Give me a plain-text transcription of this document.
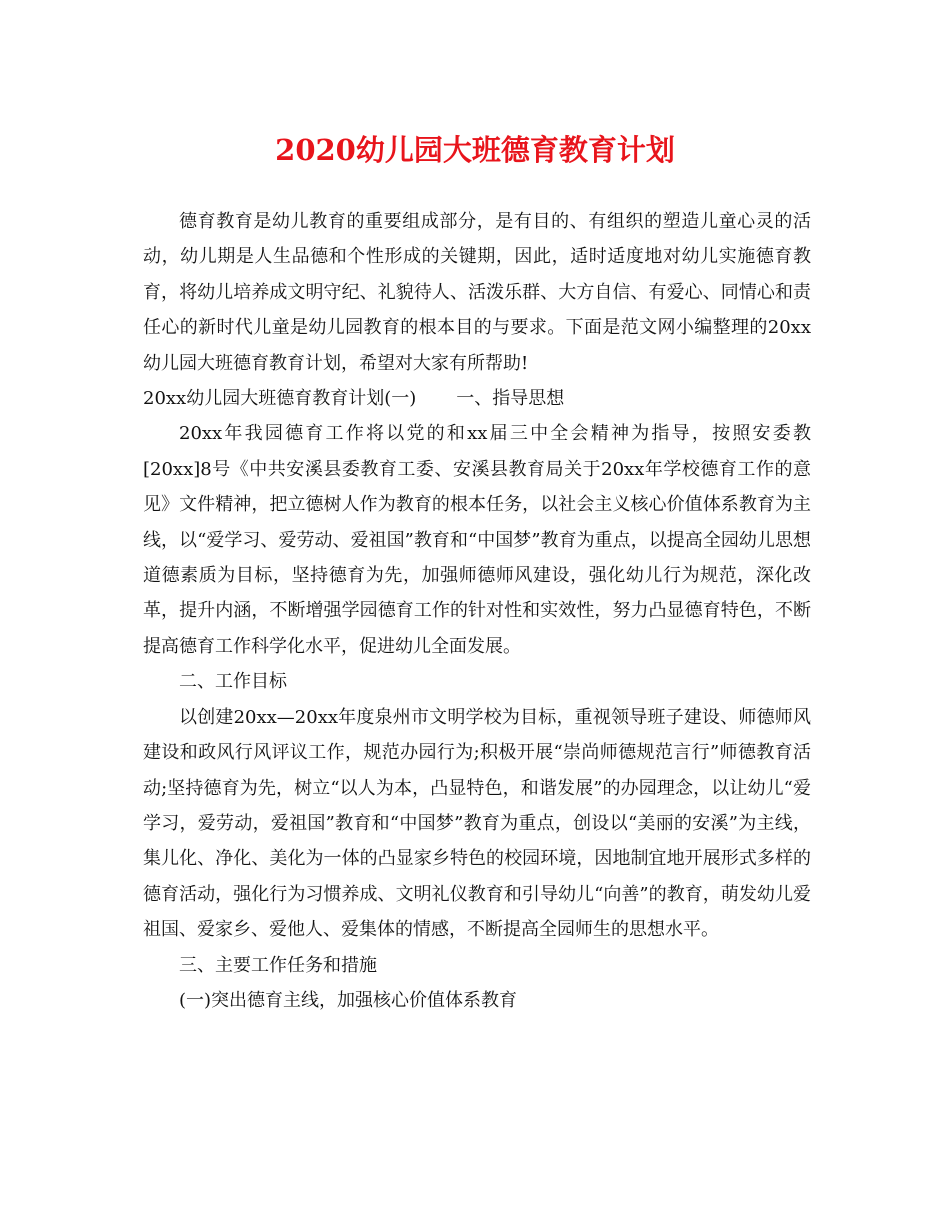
2020幼儿园大班德育教育计划

德育教育是幼儿教育的重要组成部分，是有目的、有组织的塑造儿童心灵的活动，幼儿期是人生品德和个性形成的关键期，因此，适时适度地对幼儿实施德育教育，将幼儿培养成文明守纪、礼貌待人、活泼乐群、大方自信、有爱心、同情心和责任心的新时代儿童是幼儿园教育的根本目的与要求。下面是范文网小编整理的20xx幼儿园大班德育教育计划，希望对大家有所帮助!

20xx幼儿园大班德育教育计划(一) 一、指导思想

20xx年我园德育工作将以党的和xx届三中全会精神为指导，按照安委教[20xx]8号《中共安溪县委教育工委、安溪县教育局关于20xx年学校德育工作的意见》文件精神，把立德树人作为教育的根本任务，以社会主义核心价值体系教育为主线，以“爱学习、爱劳动、爱祖国”教育和“中国梦”教育为重点，以提高全园幼儿思想道德素质为目标，坚持德育为先，加强师德师风建设，强化幼儿行为规范，深化改革，提升内涵，不断增强学园德育工作的针对性和实效性，努力凸显德育特色，不断提高德育工作科学化水平，促进幼儿全面发展。

二、工作目标

以创建20xx—20xx年度泉州市文明学校为目标，重视领导班子建设、师德师风建设和政风行风评议工作，规范办园行为;积极开展“崇尚师德规范言行”师德教育活动;坚持德育为先，树立“以人为本，凸显特色，和谐发展”的办园理念，以让幼儿“爱学习，爱劳动，爱祖国”教育和“中国梦”教育为重点，创设以“美丽的安溪”为主线，集儿化、净化、美化为一体的凸显家乡特色的校园环境，因地制宜地开展形式多样的德育活动，强化行为习惯养成、文明礼仪教育和引导幼儿“向善”的教育，萌发幼儿爱祖国、爱家乡、爱他人、爱集体的情感，不断提高全园师生的思想水平。

三、主要工作任务和措施

(一)突出德育主线，加强核心价值体系教育
